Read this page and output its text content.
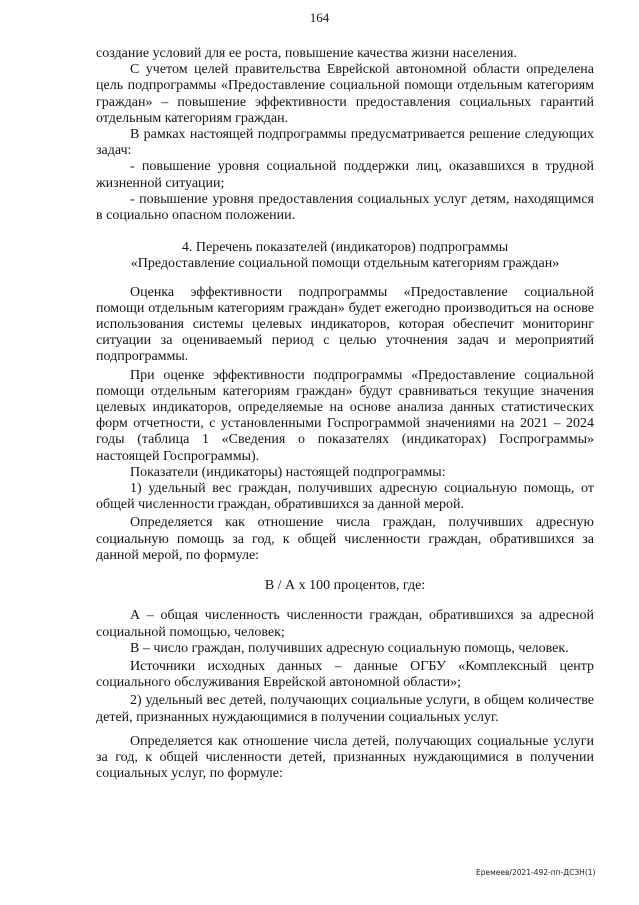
164

создание условий для ее роста, повышение качества жизни населения.

С учетом целей правительства Еврейской автономной области определена цель подпрограммы «Предоставление социальной помощи отдельным категориям граждан» – повышение эффективности предоставления социальных гарантий отдельным категориям граждан.

В рамках настоящей подпрограммы предусматривается решение следующих задач:

- повышение уровня социальной поддержки лиц, оказавшихся в трудной жизненной ситуации;

- повышение уровня предоставления социальных услуг детям, находящимся в социально опасном положении.

4. Перечень показателей (индикаторов) подпрограммы
«Предоставление социальной помощи отдельным категориям граждан»

Оценка эффективности подпрограммы «Предоставление социальной помощи отдельным категориям граждан» будет ежегодно производиться на основе использования системы целевых индикаторов, которая обеспечит мониторинг ситуации за оцениваемый период с целью уточнения задач и мероприятий подпрограммы.

При оценке эффективности подпрограммы «Предоставление социальной помощи отдельным категориям граждан» будут сравниваться текущие значения целевых индикаторов, определяемые на основе анализа данных статистических форм отчетности, с установленными Госпрограммой значениями на 2021 – 2024 годы (таблица 1 «Сведения о показателях (индикаторах) Госпрограммы» настоящей Госпрограммы).

Показатели (индикаторы) настоящей подпрограммы:

1) удельный вес граждан, получивших адресную социальную помощь, от общей численности граждан, обратившихся за данной мерой.

Определяется как отношение числа граждан, получивших адресную социальную помощь за год, к общей численности граждан, обратившихся за данной мерой, по формуле:

В / А х 100 процентов, где:

А – общая численность численности граждан, обратившихся за адресной социальной помощью, человек;

В – число граждан, получивших адресную социальную помощь, человек.

Источники исходных данных – данные ОГБУ «Комплексный центр социального обслуживания Еврейской автономной области»;

2) удельный вес детей, получающих социальные услуги, в общем количестве детей, признанных нуждающимися в получении социальных услуг.

Определяется как отношение числа детей, получающих социальные услуги за год, к общей численности детей, признанных нуждающимися в получении социальных услуг, по формуле:

Еремеев/2021-492-пп-ДСЗН(1)
